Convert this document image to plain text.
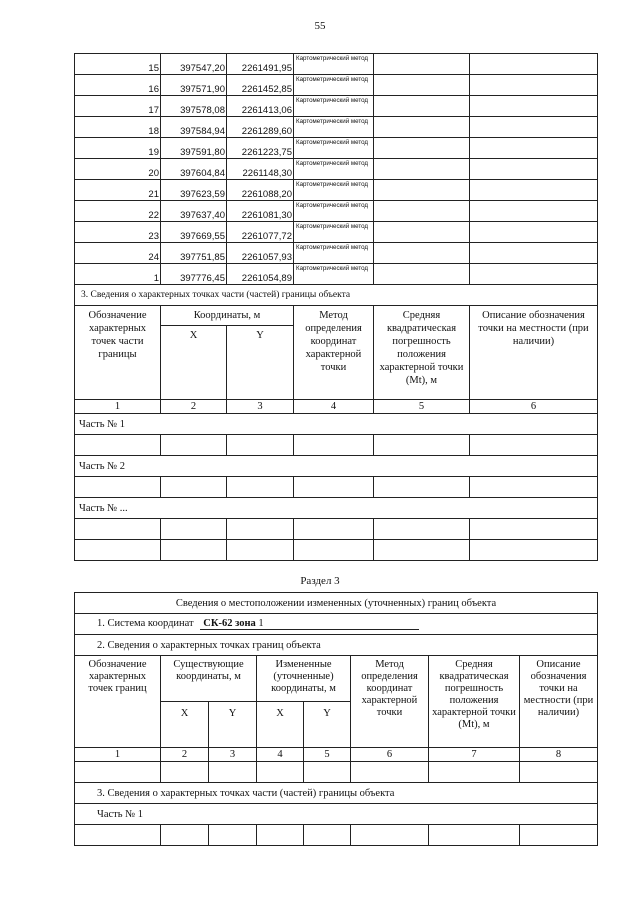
55
15	397547,20	2261491,95	Картометрический метод		
16	397571,90	2261452,85	Картометрический метод		
17	397578,08	2261413,06	Картометрический метод		
18	397584,94	2261289,60	Картометрический метод		
19	397591,80	2261223,75	Картометрический метод		
20	397604,84	2261148,30	Картометрический метод		
21	397623,59	2261088,20	Картометрический метод		
22	397637,40	2261081,30	Картометрический метод		
23	397669,55	2261077,72	Картометрический метод		
24	397751,85	2261057,93	Картометрический метод		
1	397776,45	2261054,89	Картометрический метод		
3. Сведения о характерных точках части (частей) границы объекта					
Обозначение характерных точек части границы	Координаты, м		Метод определения координат характерной точки	Средняя квадратическая погрешность положения характерной точки (Mt), м	Описание обозначения точки на местности (при наличии)
	X	Y			
1	2	3	4	5	6
Часть № 1					

Часть № 2					

Часть № ...					

Раздел 3
Сведения о местоположении измененных (уточненных) границ объекта							
1. Система координат СК-62 зона 1							
2. Сведения о характерных точках границ объекта							
Обозначение характерных точек границ	Существующие координаты, м		Измененные (уточненные) координаты, м		Метод определения координат характерной точки	Средняя квадратическая погрешность положения характерной точки (Mt), м	Описание обозначения точки на местности (при наличии)
	X	Y	X	Y			
1	2	3	4	5	6	7	8

3. Сведения о характерных точках части (частей) границы объекта							
Часть № 1							
